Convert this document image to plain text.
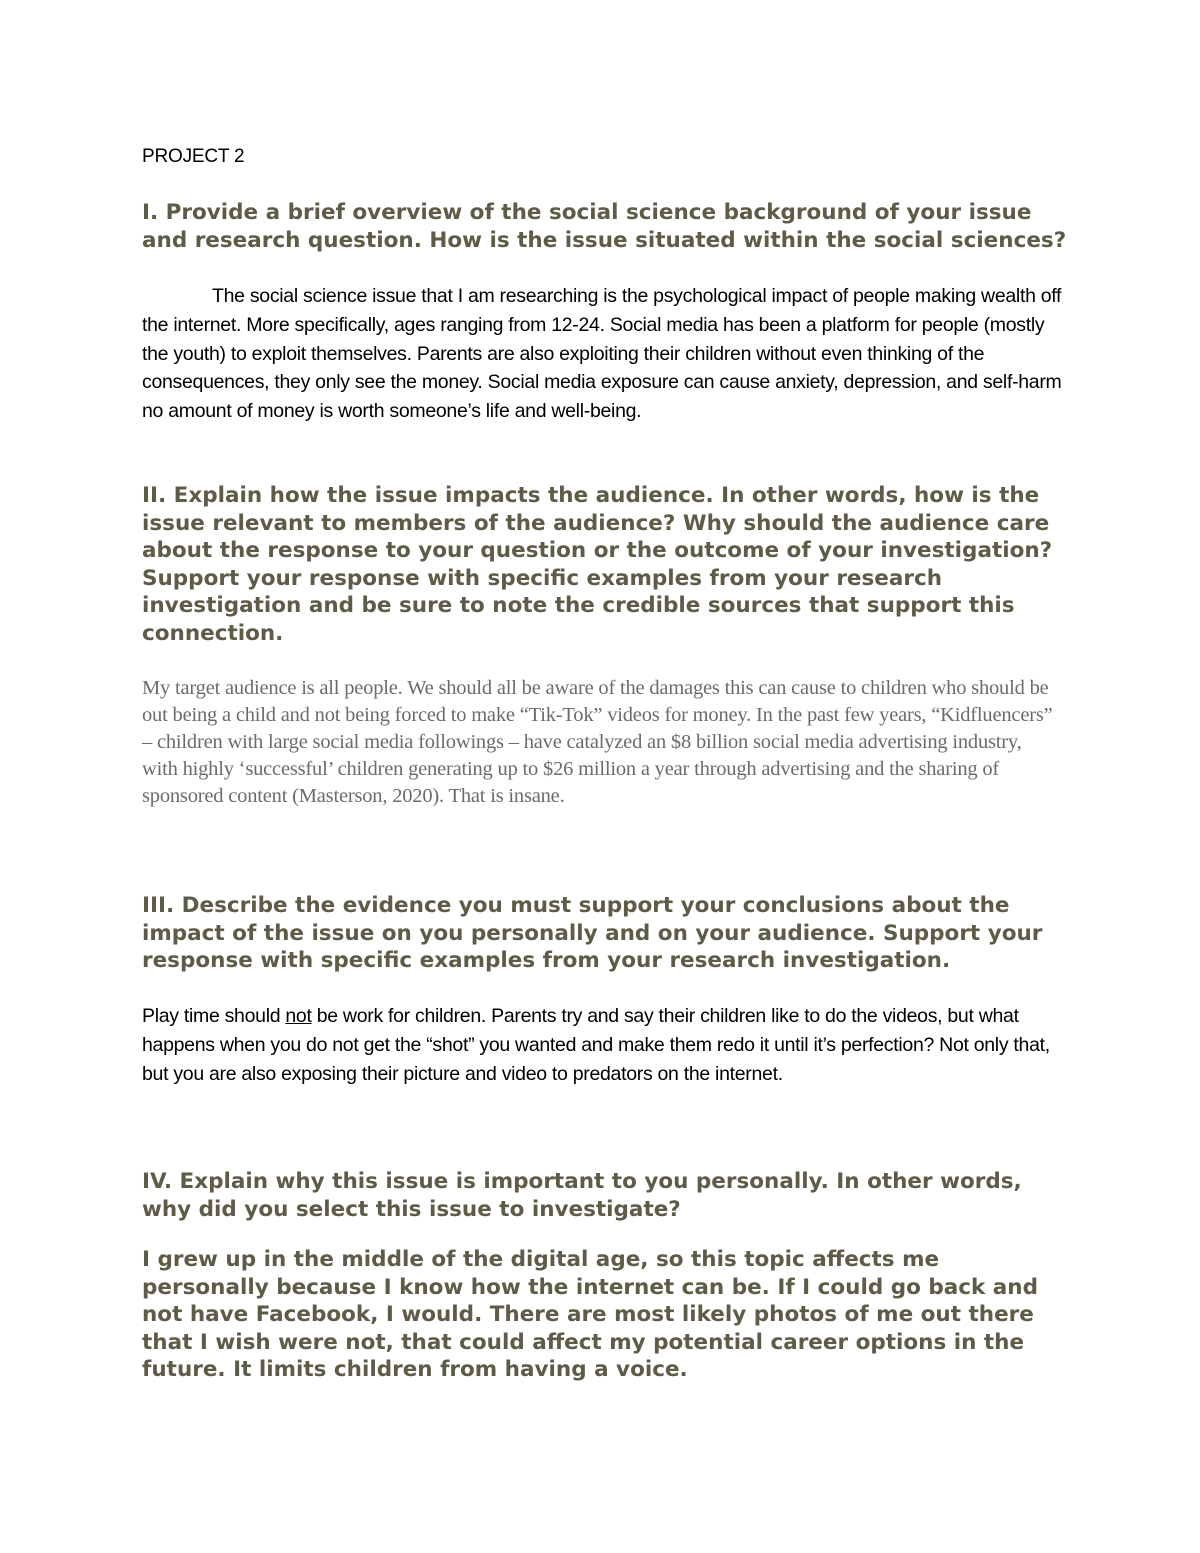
PROJECT 2

I. Provide a brief overview of the social science background of your issue and research question. How is the issue situated within the social sciences?

The social science issue that I am researching is the psychological impact of people making wealth off the internet. More specifically, ages ranging from 12-24. Social media has been a platform for people (mostly the youth) to exploit themselves. Parents are also exploiting their children without even thinking of the consequences, they only see the money. Social media exposure can cause anxiety, depression, and self-harm no amount of money is worth someone’s life and well-being.

II. Explain how the issue impacts the audience. In other words, how is the issue relevant to members of the audience? Why should the audience care about the response to your question or the outcome of your investigation? Support your response with specific examples from your research investigation and be sure to note the credible sources that support this connection.

My target audience is all people. We should all be aware of the damages this can cause to children who should be out being a child and not being forced to make “Tik-Tok” videos for money. In the past few years, “Kidfluencers” – children with large social media followings – have catalyzed an $8 billion social media advertising industry, with highly ‘successful’ children generating up to $26 million a year through advertising and the sharing of sponsored content (Masterson, 2020). That is insane.

III. Describe the evidence you must support your conclusions about the impact of the issue on you personally and on your audience. Support your response with specific examples from your research investigation.

Play time should not be work for children. Parents try and say their children like to do the videos, but what happens when you do not get the “shot” you wanted and make them redo it until it’s perfection? Not only that, but you are also exposing their picture and video to predators on the internet.

IV. Explain why this issue is important to you personally. In other words, why did you select this issue to investigate?

I grew up in the middle of the digital age, so this topic affects me personally because I know how the internet can be. If I could go back and not have Facebook, I would. There are most likely photos of me out there that I wish were not, that could affect my potential career options in the future. It limits children from having a voice.
